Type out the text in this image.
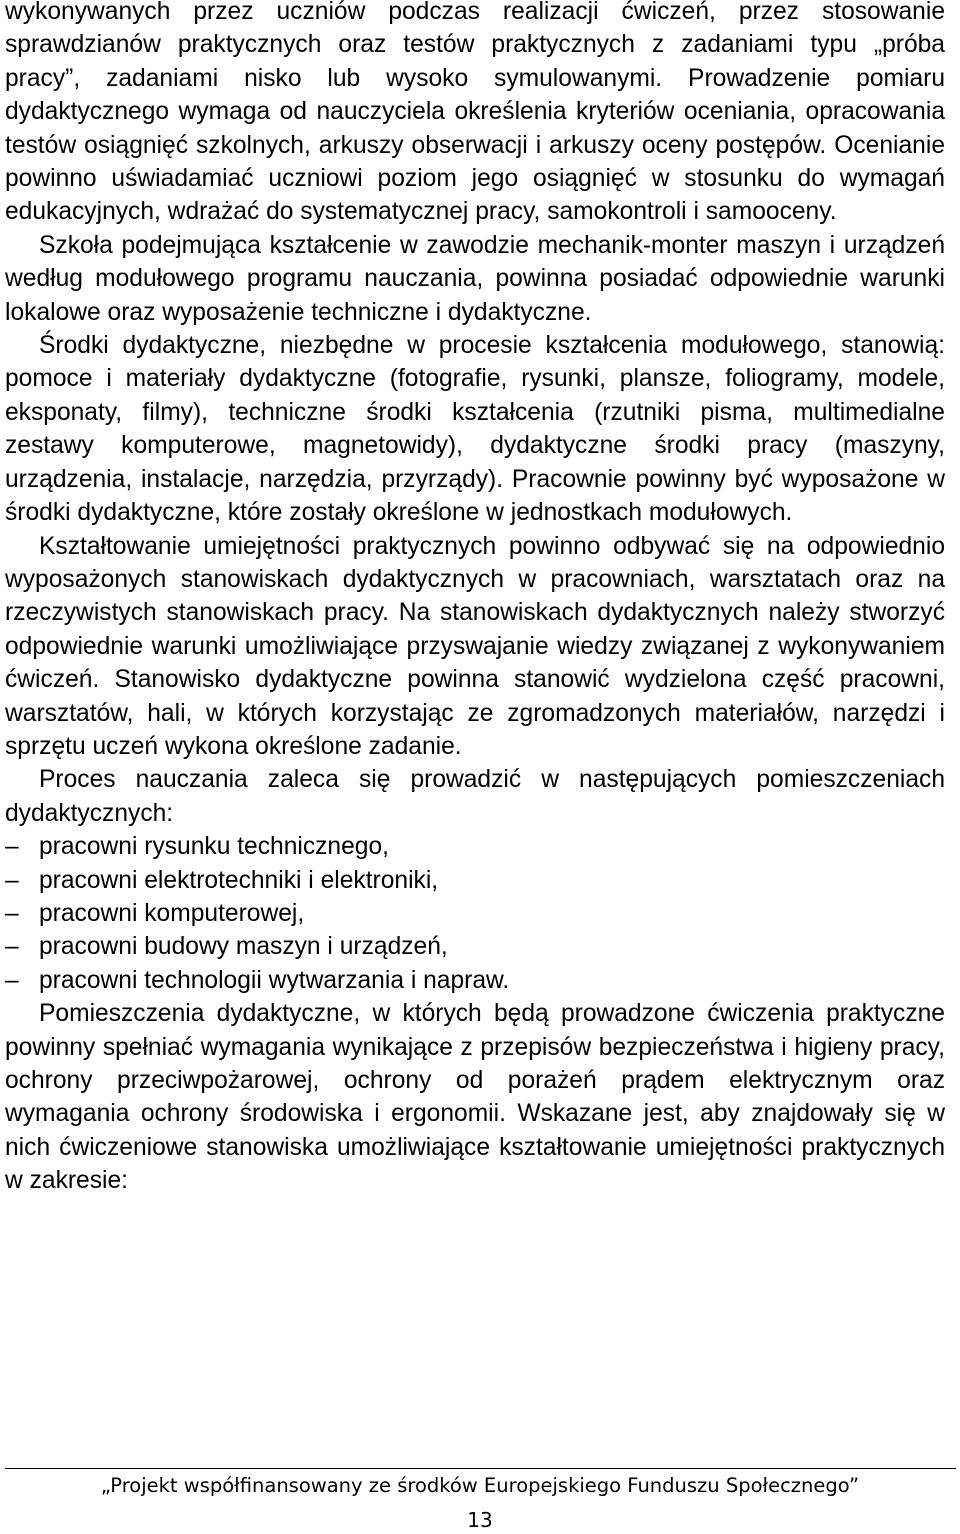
wykonywanych przez uczniów podczas realizacji ćwiczeń, przez stosowanie sprawdzianów praktycznych oraz testów praktycznych z zadaniami typu „próba pracy”, zadaniami nisko lub wysoko symulowanymi. Prowadzenie pomiaru dydaktycznego wymaga od nauczyciela określenia kryteriów oceniania, opracowania testów osiągnięć szkolnych, arkuszy obserwacji i arkuszy oceny postępów. Ocenianie powinno uświadamiać uczniowi poziom jego osiągnięć w stosunku do wymagań edukacyjnych, wdrażać do systematycznej pracy, samokontroli i samooceny.

Szkoła podejmująca kształcenie w zawodzie mechanik-monter maszyn i urządzeń według modułowego programu nauczania, powinna posiadać odpowiednie warunki lokalowe oraz wyposażenie techniczne i dydaktyczne.

Środki dydaktyczne, niezbędne w procesie kształcenia modułowego, stanowią: pomoce i materiały dydaktyczne (fotografie, rysunki, plansze, foliogramy, modele, eksponaty, filmy), techniczne środki kształcenia (rzutniki pisma, multimedialne zestawy komputerowe, magnetowidy), dydaktyczne środki pracy (maszyny, urządzenia, instalacje, narzędzia, przyrządy). Pracownie powinny być wyposażone w środki dydaktyczne, które zostały określone w jednostkach modułowych.

Kształtowanie umiejętności praktycznych powinno odbywać się na odpowiednio wyposażonych stanowiskach dydaktycznych w pracowniach, warsztatach oraz na rzeczywistych stanowiskach pracy. Na stanowiskach dydaktycznych należy stworzyć odpowiednie warunki umożliwiające przyswajanie wiedzy związanej z wykonywaniem ćwiczeń. Stanowisko dydaktyczne powinna stanowić wydzielona część pracowni, warsztatów, hali, w których korzystając ze zgromadzonych materiałów, narzędzi i sprzętu uczeń wykona określone zadanie.

Proces nauczania zaleca się prowadzić w następujących pomieszczeniach dydaktycznych:

– pracowni rysunku technicznego,
– pracowni elektrotechniki i elektroniki,
– pracowni komputerowej,
– pracowni budowy maszyn i urządzeń,
– pracowni technologii wytwarzania i napraw.

Pomieszczenia dydaktyczne, w których będą prowadzone ćwiczenia praktyczne powinny spełniać wymagania wynikające z przepisów bezpieczeństwa i higieny pracy, ochrony przeciwpożarowej, ochrony od porażeń prądem elektrycznym oraz wymagania ochrony środowiska i ergonomii. Wskazane jest, aby znajdowały się w nich ćwiczeniowe stanowiska umożliwiające kształtowanie umiejętności praktycznych w zakresie:

„Projekt współfinansowany ze środków Europejskiego Funduszu Społecznego”
13
